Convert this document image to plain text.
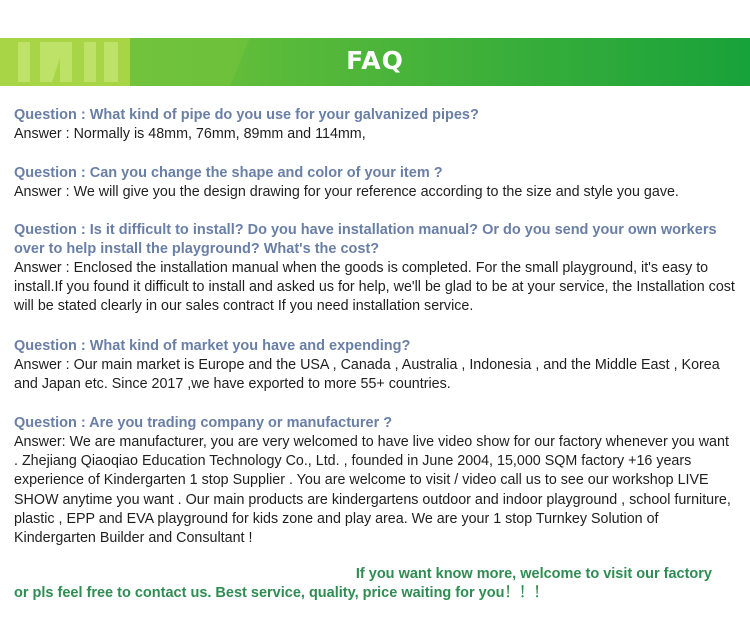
FAQ
Question : What kind of pipe do you use for your galvanized pipes?
Answer : Normally is 48mm, 76mm, 89mm and 114mm,
Question : Can you change the shape and color of your item ?
Answer : We will give you the design drawing for your reference according to the size and style you gave.
Question : Is it difficult to install? Do you have installation manual? Or do you send your own workers over to help install the playground? What's the cost?
Answer : Enclosed the installation manual when the goods is completed. For the small playground, it's easy to install.If you found it difficult to install and asked us for help, we'll be glad to be at your service, the Installation cost will be stated clearly in our sales contract If you need installation service.
Question : What kind of market you have and expending?
Answer : Our main market is Europe and the USA , Canada , Australia , Indonesia , and the Middle East , Korea and Japan etc. Since 2017 ,we have exported to more 55+ countries.
Question : Are you trading company or manufacturer ?
Answer: We are manufacturer, you are very welcomed to have live video show for our factory whenever you want . Zhejiang Qiaoqiao Education Technology Co., Ltd. , founded in June 2004, 15,000 SQM factory +16 years experience of Kindergarten 1 stop Supplier . You are welcome to visit / video call us to see our workshop LIVE SHOW anytime you want . Our main products are kindergartens outdoor and indoor playground , school furniture, plastic , EPP and EVA playground for kids zone and play area. We are your 1 stop Turnkey Solution of Kindergarten Builder and Consultant !
If you want know more, welcome to visit our factory
or pls feel free to contact us. Best service, quality, price waiting for you！！！
